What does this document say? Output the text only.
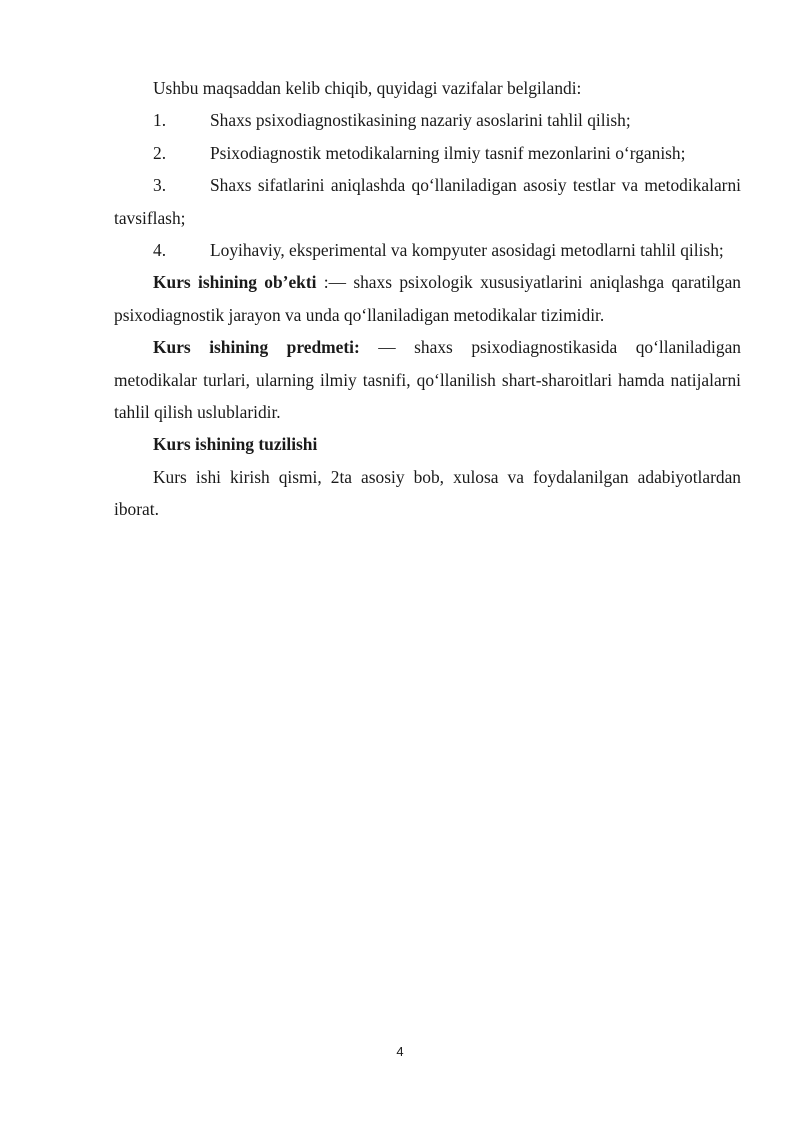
Ushbu maqsaddan kelib chiqib, quyidagi vazifalar belgilandi:

1.	Shaxs psixodiagnostikasining nazariy asoslarini tahlil qilish;

2.	Psixodiagnostik metodikalarning ilmiy tasnif mezonlarini o‘rganish;

3.	Shaxs sifatlarini aniqlashda qo‘llaniladigan asosiy testlar va metodikalarni tavsiflash;

4.	Loyihaviy, eksperimental va kompyuter asosidagi metodlarni tahlil qilish;

Kurs ishining ob’ekti :— shaxs psixologik xususiyatlarini aniqlashga qaratilgan psixodiagnostik jarayon va unda qo‘llaniladigan metodikalar tizimidir.

Kurs ishining predmeti: — shaxs psixodiagnostikasida qo‘llaniladigan metodikalar turlari, ularning ilmiy tasnifi, qo‘llanilish shart-sharoitlari hamda natijalarni tahlil qilish uslublaridir.

Kurs ishining tuzilishi

Kurs ishi kirish qismi, 2ta asosiy bob, xulosa va foydalanilgan adabiyotlardan iborat.

4
